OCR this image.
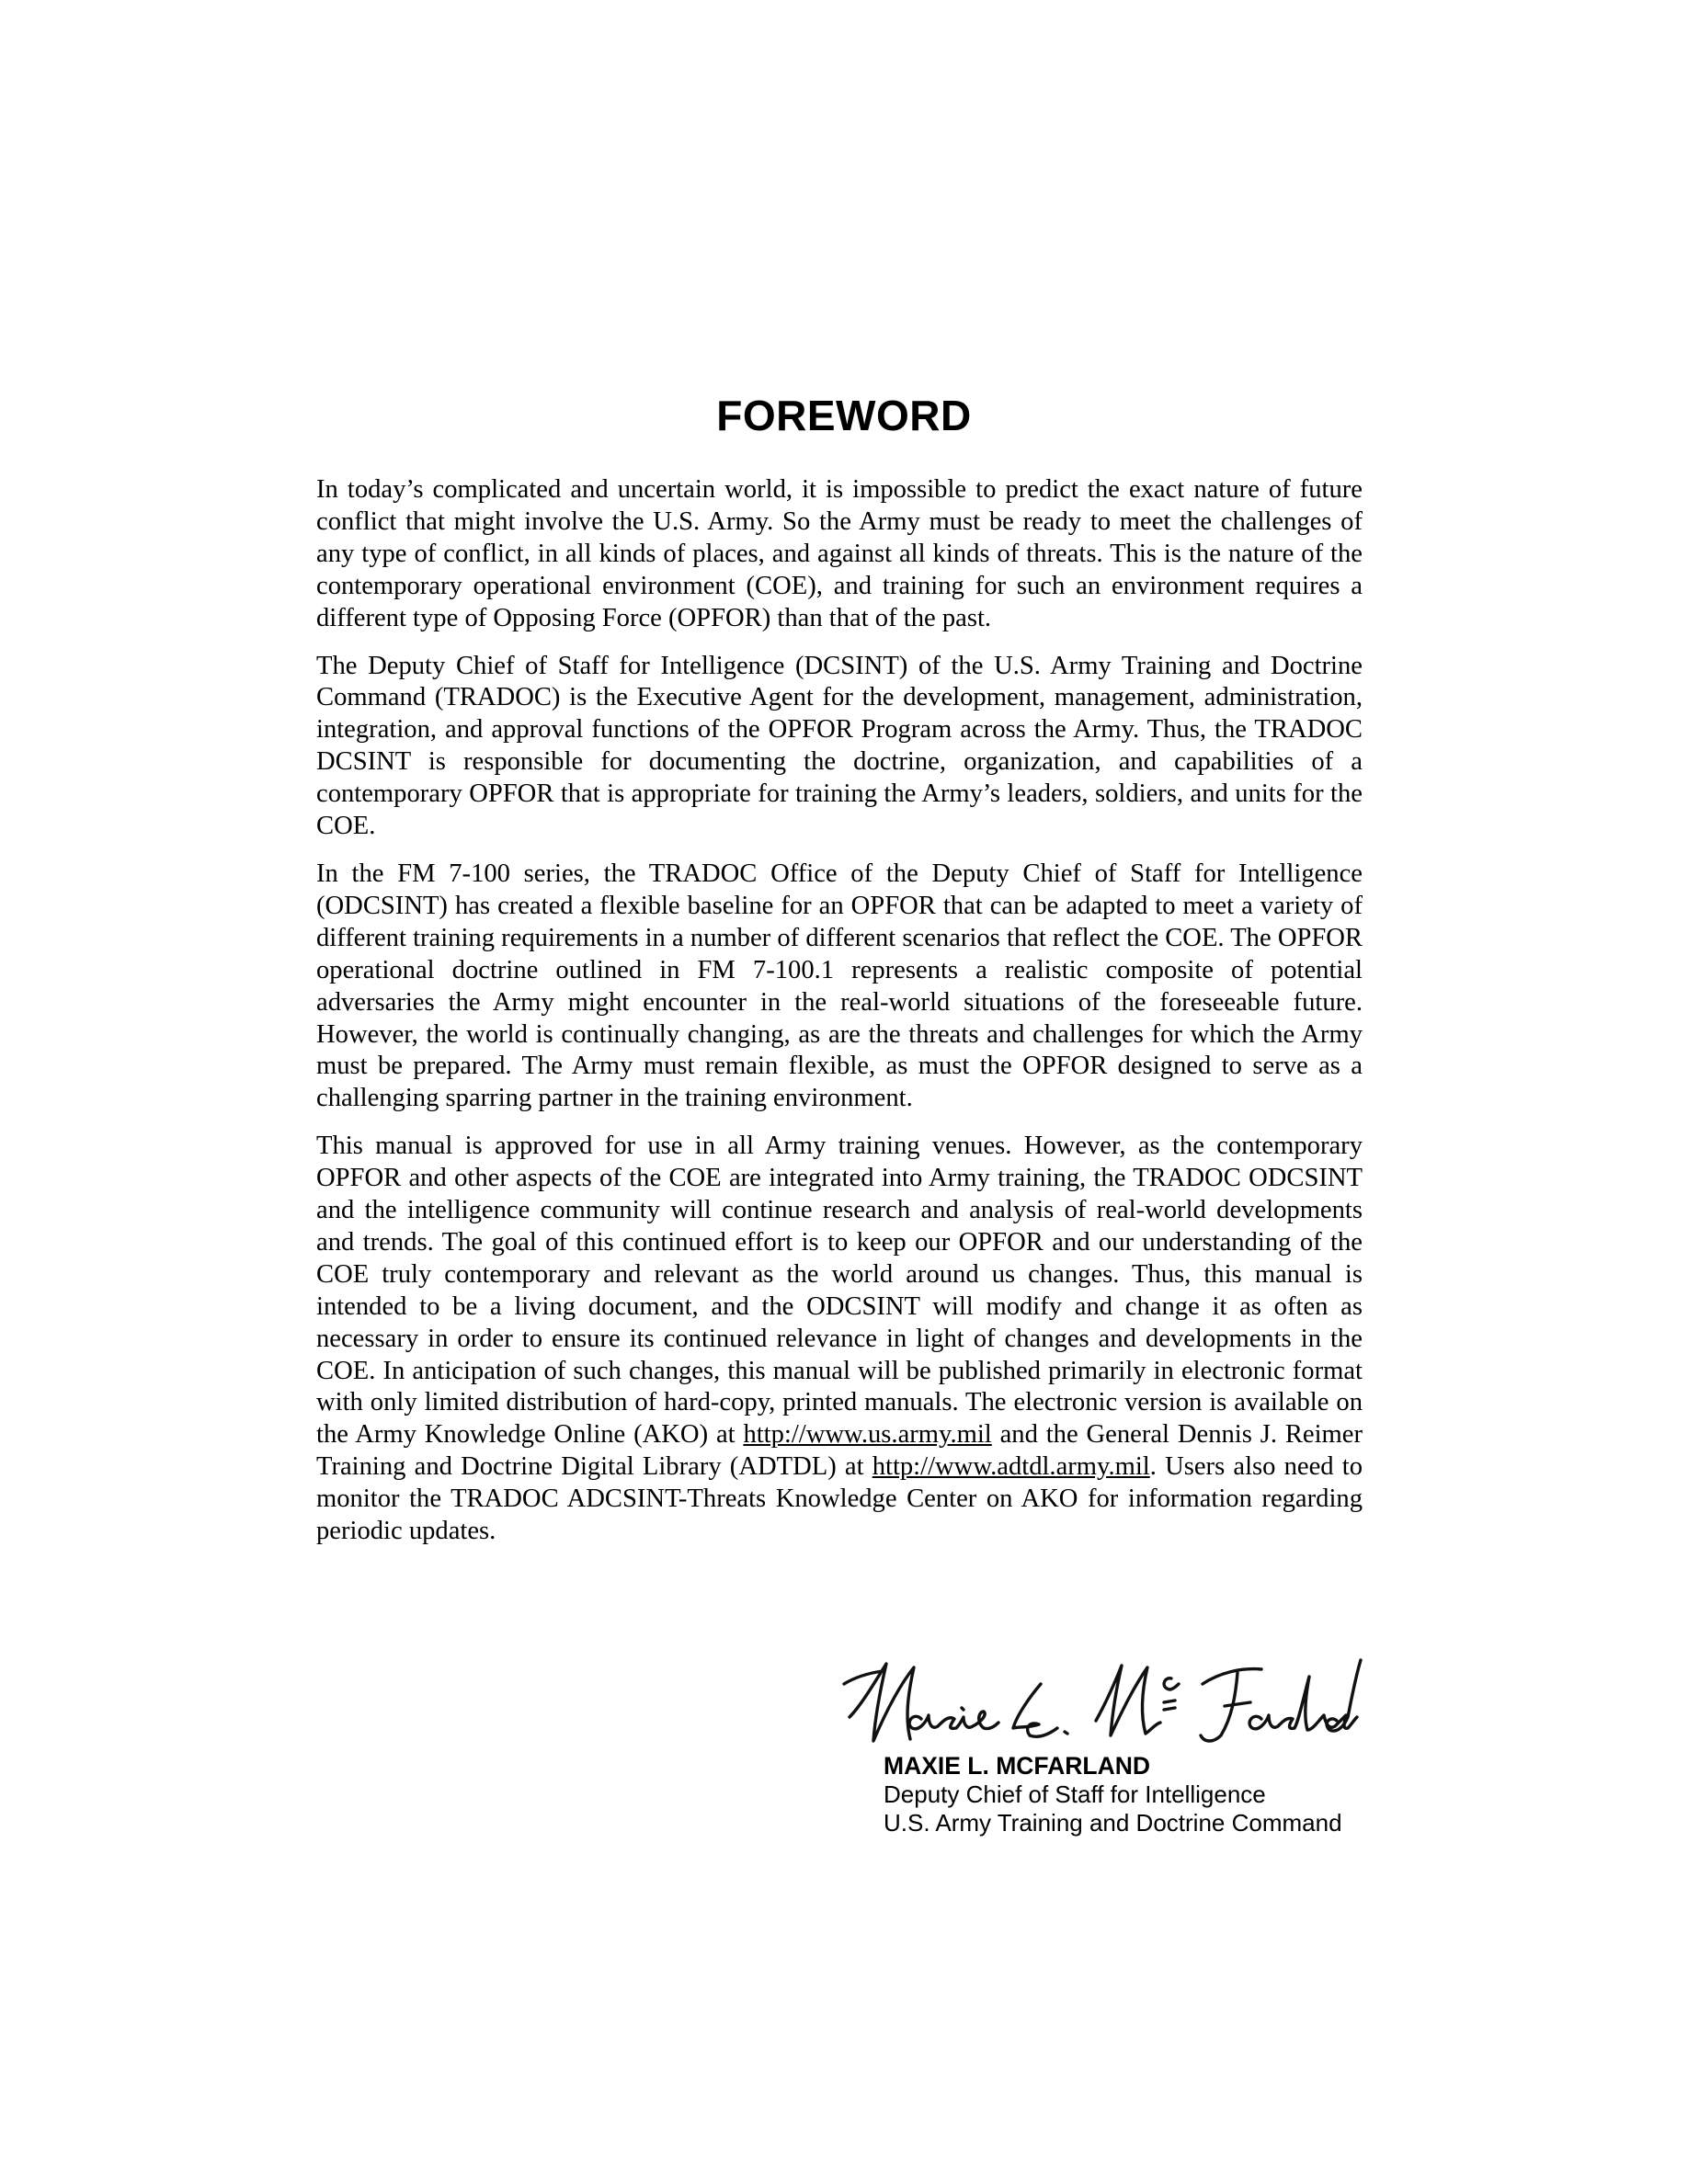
FOREWORD

In today’s complicated and uncertain world, it is impossible to predict the exact nature of future conflict that might involve the U.S. Army. So the Army must be ready to meet the challenges of any type of conflict, in all kinds of places, and against all kinds of threats. This is the nature of the contemporary operational environment (COE), and training for such an environment requires a different type of Opposing Force (OPFOR) than that of the past.

The Deputy Chief of Staff for Intelligence (DCSINT) of the U.S. Army Training and Doctrine Command (TRADOC) is the Executive Agent for the development, management, administration, integration, and approval functions of the OPFOR Program across the Army. Thus, the TRADOC DCSINT is responsible for documenting the doctrine, organization, and capabilities of a contemporary OPFOR that is appropriate for training the Army’s leaders, soldiers, and units for the COE.

In the FM 7-100 series, the TRADOC Office of the Deputy Chief of Staff for Intelligence (ODCSINT) has created a flexible baseline for an OPFOR that can be adapted to meet a variety of different training requirements in a number of different scenarios that reflect the COE. The OPFOR operational doctrine outlined in FM 7-100.1 represents a realistic composite of potential adversaries the Army might encounter in the real-world situations of the foreseeable future. However, the world is continually changing, as are the threats and challenges for which the Army must be prepared. The Army must remain flexible, as must the OPFOR designed to serve as a challenging sparring partner in the training environment.

This manual is approved for use in all Army training venues. However, as the contemporary OPFOR and other aspects of the COE are integrated into Army training, the TRADOC ODCSINT and the intelligence community will continue research and analysis of real-world developments and trends. The goal of this continued effort is to keep our OPFOR and our understanding of the COE truly contemporary and relevant as the world around us changes. Thus, this manual is intended to be a living document, and the ODCSINT will modify and change it as often as necessary in order to ensure its continued relevance in light of changes and developments in the COE. In anticipation of such changes, this manual will be published primarily in electronic format with only limited distribution of hard-copy, printed manuals. The electronic version is available on the Army Knowledge Online (AKO) at http://www.us.army.mil and the General Dennis J. Reimer Training and Doctrine Digital Library (ADTDL) at http://www.adtdl.army.mil. Users also need to monitor the TRADOC ADCSINT-Threats Knowledge Center on AKO for information regarding periodic updates.

MAXIE L. MCFARLAND
Deputy Chief of Staff for Intelligence
U.S. Army Training and Doctrine Command
